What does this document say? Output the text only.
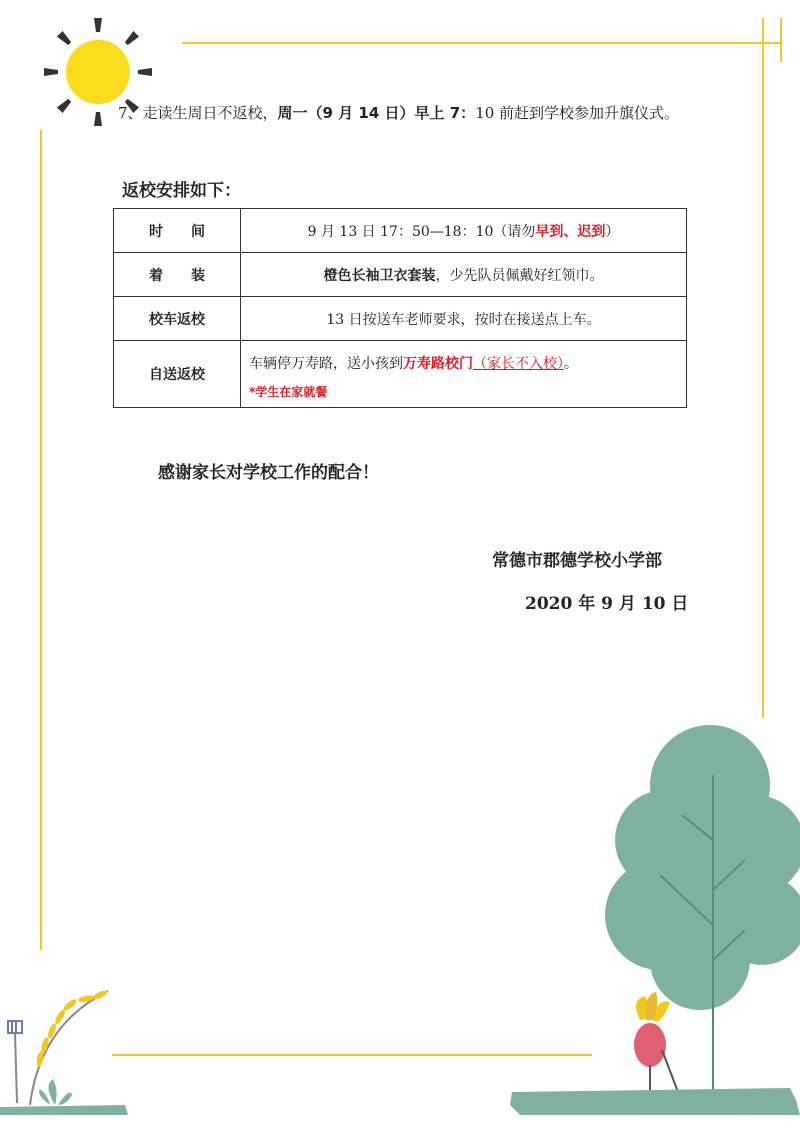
7、走读生周日不返校，周一（9 月 14 日）早上 7：10 前赶到学校参加升旗仪式。
返校安排如下：
时　　间	9 月 13 日 17：50—18：10（请勿早到、迟到）
着　　装	橙色长袖卫衣套装，少先队员佩戴好红领巾。
校车返校	13 日按送车老师要求，按时在接送点上车。
自送返校	车辆停万寿路，送小孩到万寿路校门（家长不入校）。
*学生在家就餐
感谢家长对学校工作的配合！
常德市郡德学校小学部
2020 年 9 月 10 日
